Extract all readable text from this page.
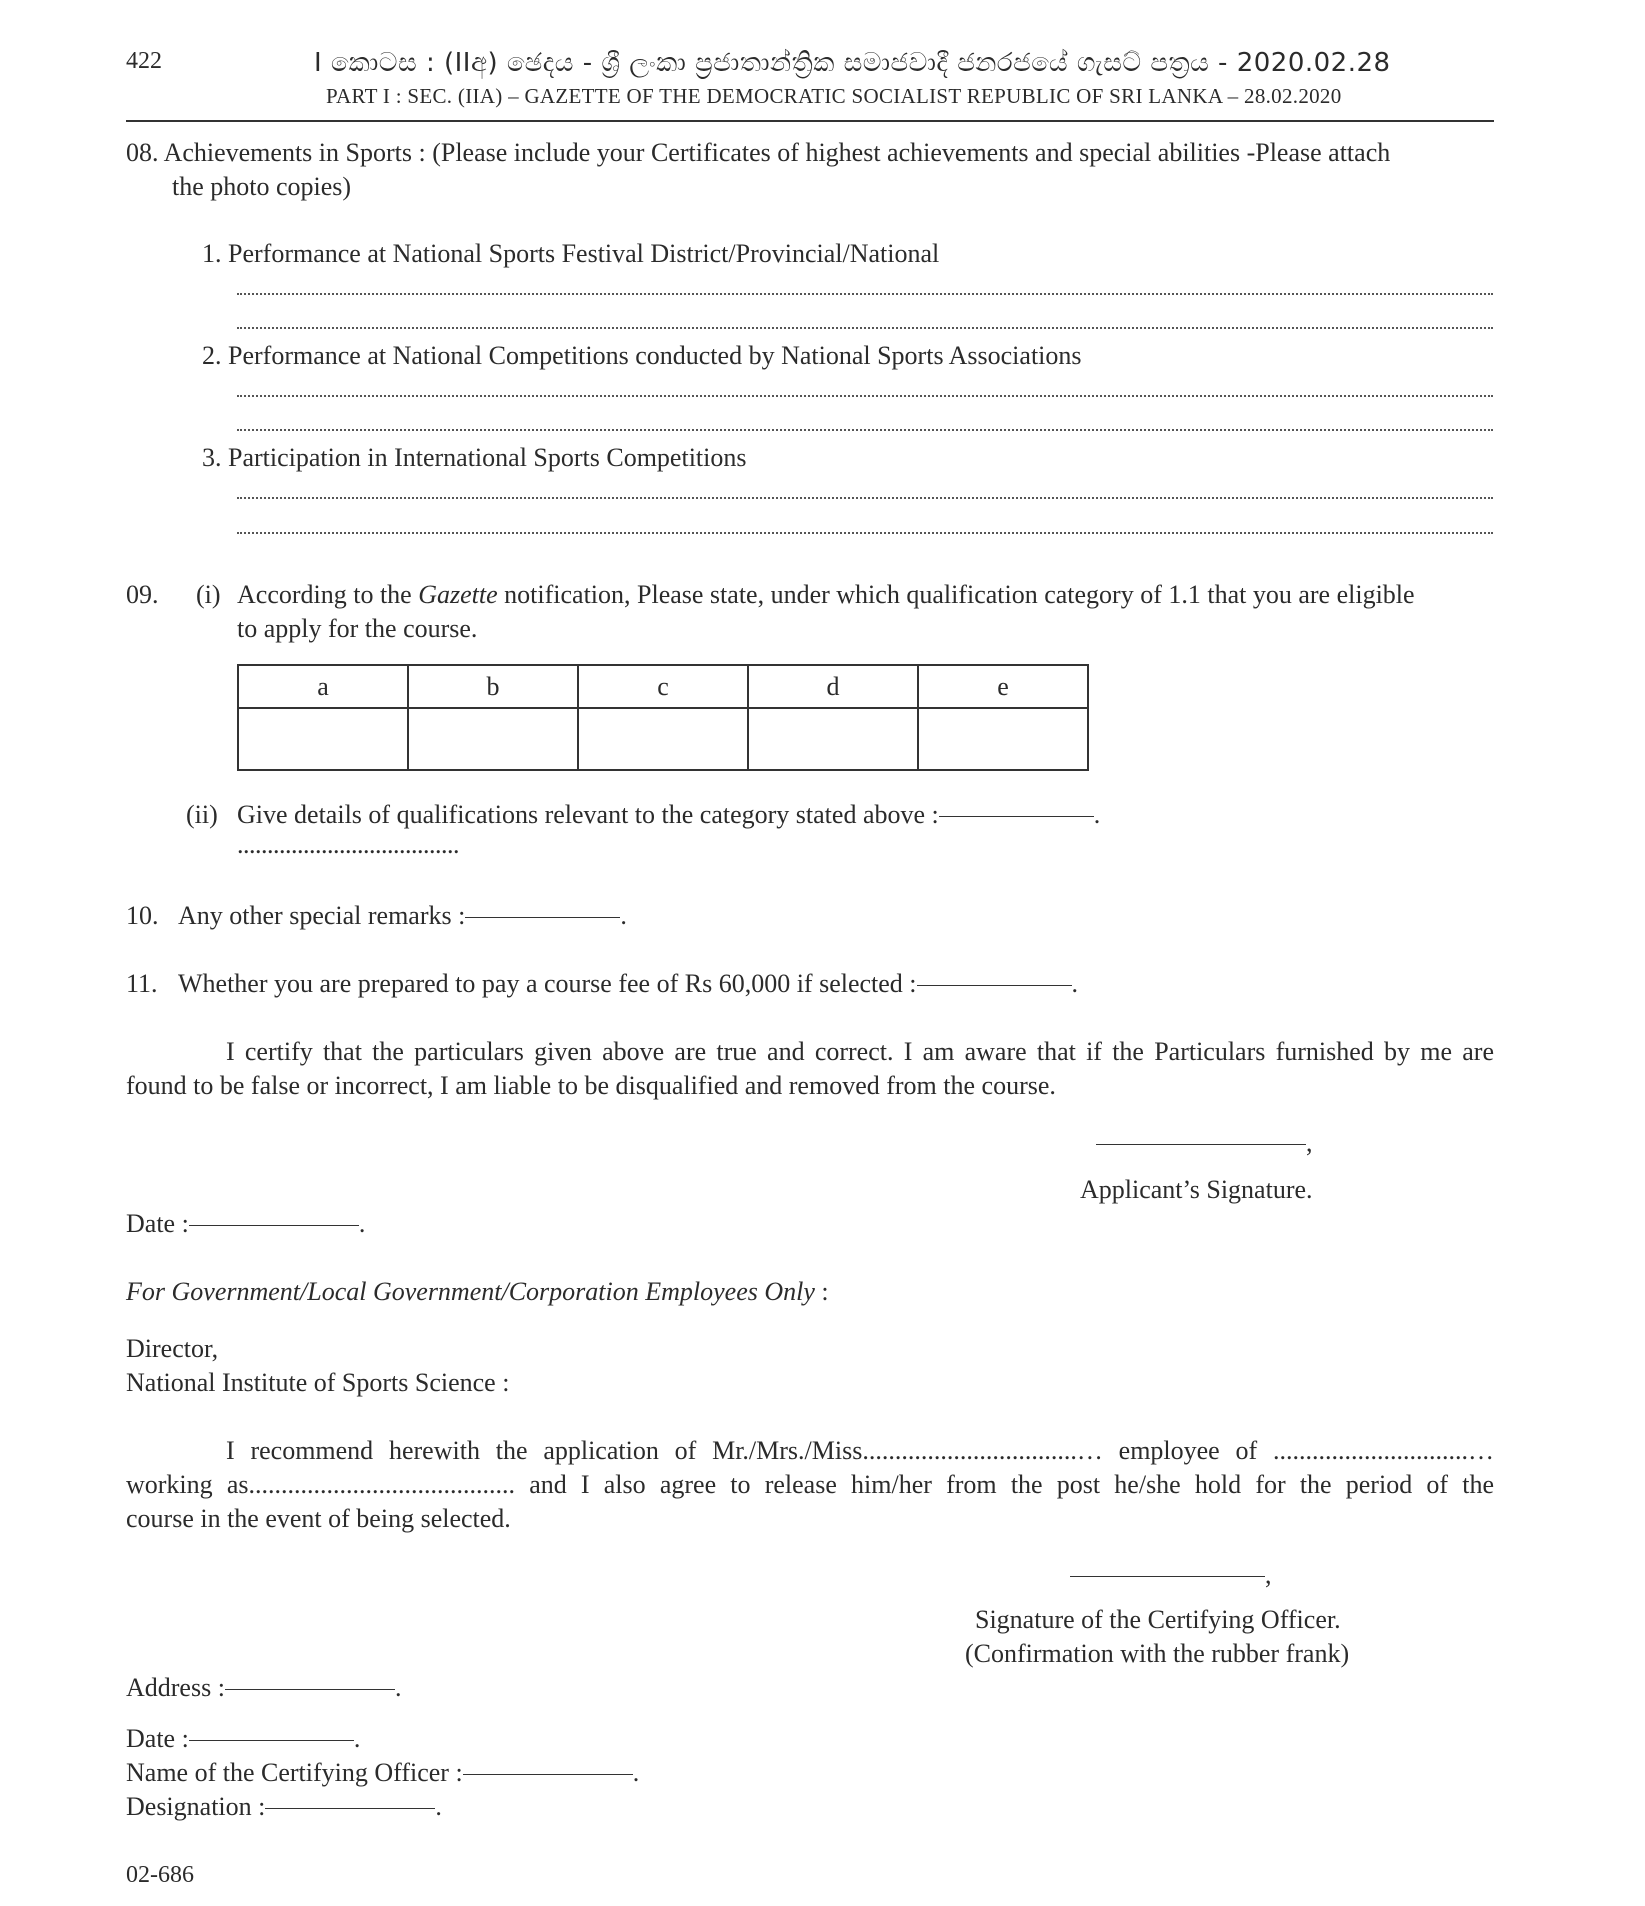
422	I කොටස : (IIඅ) ඡෙදය - ශ්‍රී ලංකා ප්‍රජාතාන්ත්‍රික සමාජවාදී ජනරජයේ ගැසට් පත්‍රය - 2020.02.28
PART I : SEC. (IIA) – GAZETTE OF THE DEMOCRATIC SOCIALIST REPUBLIC OF SRI LANKA – 28.02.2020
08. Achievements in Sports : (Please include your Certificates of highest achievements and special abilities -Please attach
the photo copies)
1. Performance at National Sports Festival District/Provincial/National
2. Performance at National Competitions conducted by National Sports Associations
3. Participation in International Sports Competitions
09. (i) According to the Gazette notification, Please state, under which qualification category of 1.1 that you are eligible
to apply for the course.
a	b	c	d	e

(ii) Give details of qualifications relevant to the category stated above :	.
.....................................
10. Any other special remarks :	.
11. Whether you are prepared to pay a course fee of Rs 60,000 if selected :	.
I certify that the particulars given above are true and correct. I am aware that if the Particulars furnished by me are
found to be false or incorrect, I am liable to be disqualified and removed from the course.
,
Applicant’s Signature.
Date :	.
For Government/Local Government/Corporation Employees Only :
Director,
National Institute of Sports Science :
I recommend herewith the application of Mr./Mrs./Miss.................................… employee of ..............................…
working as......................................... and I also agree to release him/her from the post he/she hold for the period of the
course in the event of being selected.
,
Signature of the Certifying Officer.
(Confirmation with the rubber frank)
Address :	.
Date :	.
Name of the Certifying Officer :	.
Designation :	.
02-686
